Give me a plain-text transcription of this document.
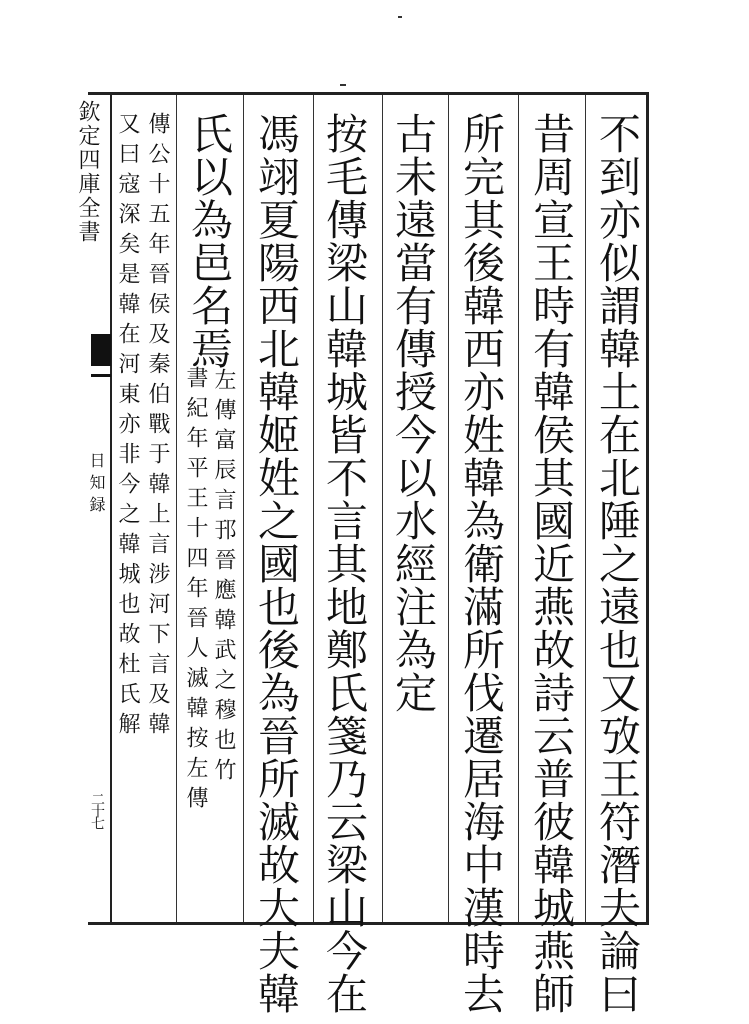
欽定四庫全書
日知録
二十七	不到亦似謂韓土在北陲之遠也又攷王符潛夫論曰
昔周宣王時有韓侯其國近燕故詩云普彼韓城燕師
所完其後韓西亦姓韓為衛滿所伐遷居海中漢時去
古未遠當有傳授今以水經注為定
按毛傳梁山韓城皆不言其地鄭氏箋乃云梁山今在
馮翊夏陽西北韓姬姓之國也後為晉所滅故大夫韓
氏以為邑名焉
左傳富辰言邘晉應韓武之穆也竹
書紀年平王十四年晉人滅韓按左傳
傳公十五年晉侯及秦伯戰于韓上言涉河下言及韓
又曰寇深矣是韓在河東亦非今之韓城也故杜氏解
